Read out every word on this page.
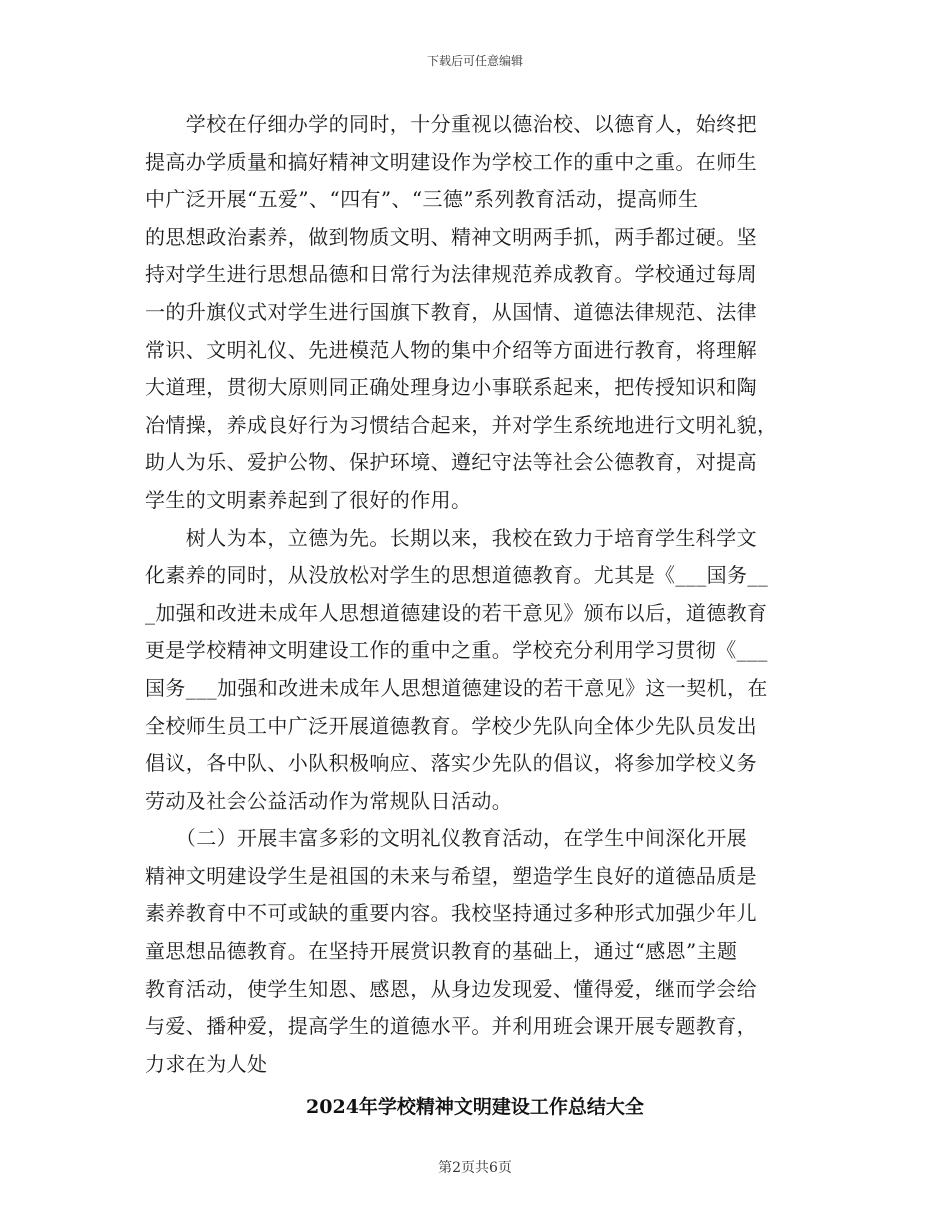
下载后可任意编辑
　　学校在仔细办学的同时，十分重视以德治校、以德育人，始终把
提高办学质量和搞好精神文明建设作为学校工作的重中之重。在师生
中广泛开展“五爱”、“四有”、“三德”系列教育活动，提高师生
的思想政治素养，做到物质文明、精神文明两手抓，两手都过硬。坚
持对学生进行思想品德和日常行为法律规范养成教育。学校通过每周
一的升旗仪式对学生进行国旗下教育，从国情、道德法律规范、法律
常识、文明礼仪、先进模范人物的集中介绍等方面进行教育，将理解
大道理，贯彻大原则同正确处理身边小事联系起来，把传授知识和陶
冶情操，养成良好行为习惯结合起来，并对学生系统地进行文明礼貌，
助人为乐、爱护公物、保护环境、遵纪守法等社会公德教育，对提高
学生的文明素养起到了很好的作用。
　　树人为本，立德为先。长期以来，我校在致力于培育学生科学文
化素养的同时，从没放松对学生的思想道德教育。尤其是《___国务__
_加强和改进未成年人思想道德建设的若干意见》颁布以后，道德教育
更是学校精神文明建设工作的重中之重。学校充分利用学习贯彻《___
国务___加强和改进未成年人思想道德建设的若干意见》这一契机，在
全校师生员工中广泛开展道德教育。学校少先队向全体少先队员发出
倡议，各中队、小队积极响应、落实少先队的倡议，将参加学校义务
劳动及社会公益活动作为常规队日活动。
　　（二）开展丰富多彩的文明礼仪教育活动，在学生中间深化开展
精神文明建设学生是祖国的未来与希望，塑造学生良好的道德品质是
素养教育中不可或缺的重要内容。我校坚持通过多种形式加强少年儿
童思想品德教育。在坚持开展赏识教育的基础上，通过“感恩”主题
教育活动，使学生知恩、感恩，从身边发现爱、懂得爱，继而学会给
与爱、播种爱，提高学生的道德水平。并利用班会课开展专题教育，
力求在为人处
2024年学校精神文明建设工作总结大全
第2页共6页
